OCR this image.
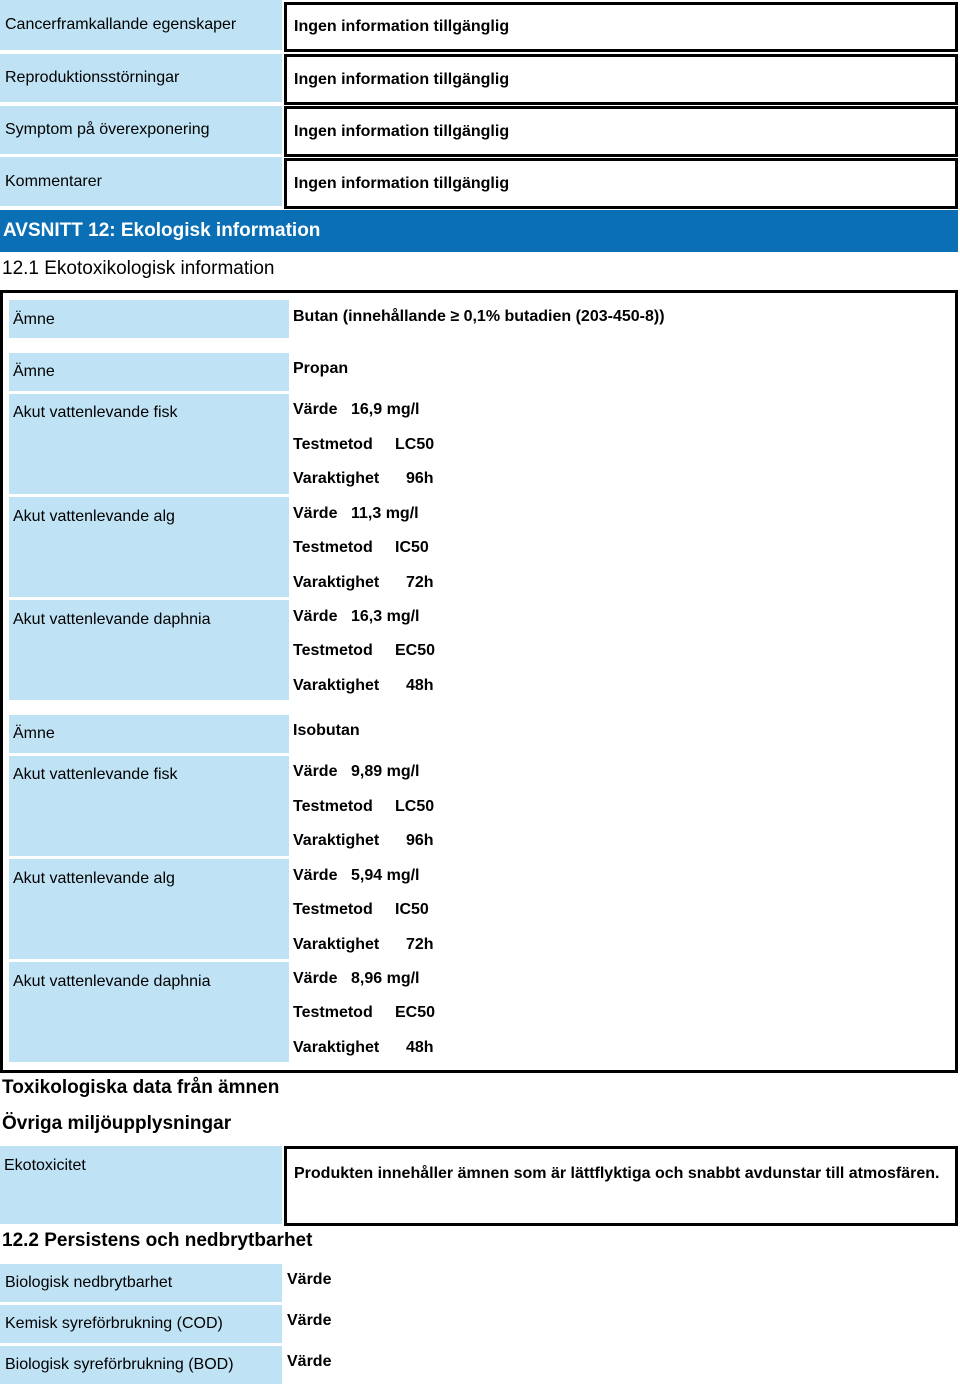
Cancerframkallande egenskaper	Ingen information tillgänglig
Reproduktionsstörningar	Ingen information tillgänglig
Symptom på överexponering	Ingen information tillgänglig
Kommentarer	Ingen information tillgänglig
AVSNITT 12: Ekologisk information
12.1 Ekotoxikologisk information
Ämne	Butan (innehållande ≥ 0,1% butadien (203-450-8))
Ämne	Propan
Akut vattenlevande fisk	Värde 16,9 mg/l
Testmetod LC50
Varaktighet 96h
Akut vattenlevande alg	Värde 11,3 mg/l
Testmetod IC50
Varaktighet 72h
Akut vattenlevande daphnia	Värde 16,3 mg/l
Testmetod EC50
Varaktighet 48h
Ämne	Isobutan
Akut vattenlevande fisk	Värde 9,89 mg/l
Testmetod LC50
Varaktighet 96h
Akut vattenlevande alg	Värde 5,94 mg/l
Testmetod IC50
Varaktighet 72h
Akut vattenlevande daphnia	Värde 8,96 mg/l
Testmetod EC50
Varaktighet 48h
Toxikologiska data från ämnen
Övriga miljöupplysningar
Ekotoxicitet	Produkten innehåller ämnen som är lättflyktiga och snabbt avdunstar till atmosfären.
12.2 Persistens och nedbrytbarhet
Biologisk nedbrytbarhet	Värde
Kemisk syreförbrukning (COD)	Värde
Biologisk syreförbrukning (BOD)	Värde
